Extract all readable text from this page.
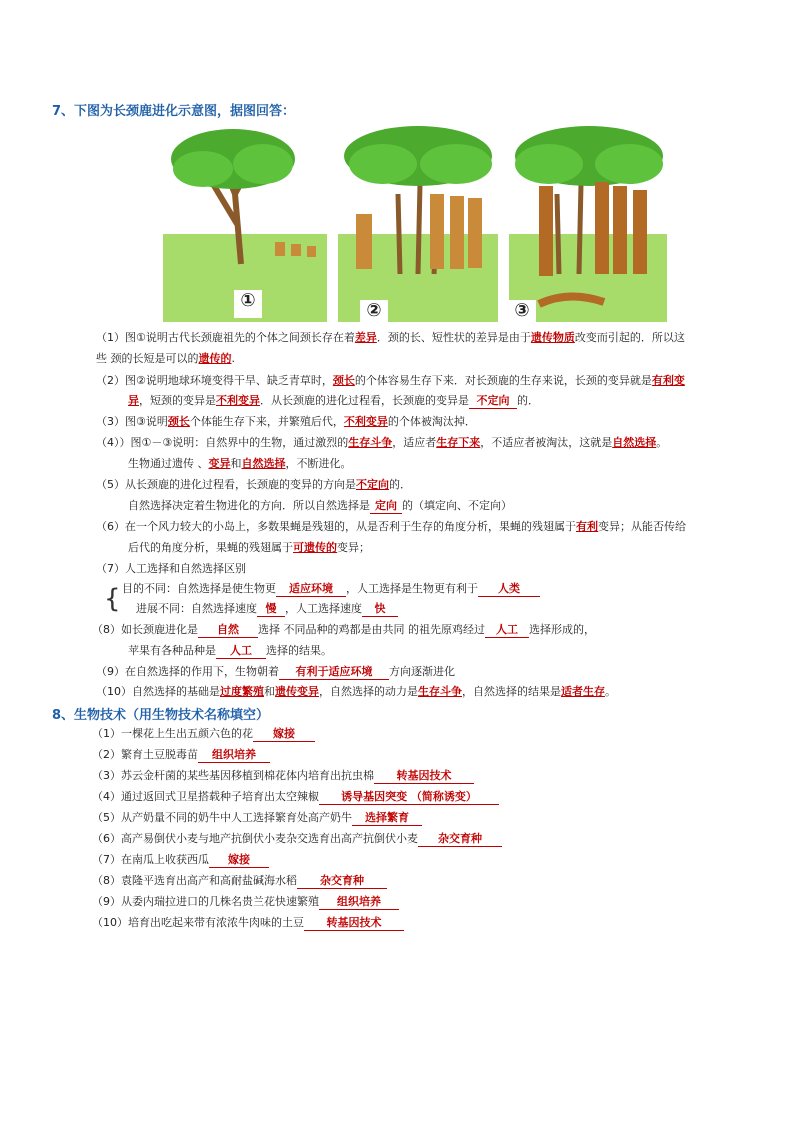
7、下图为长颈鹿进化示意图，据图回答：
①	②	③
（1）图①说明古代长颈鹿祖先的个体之间颈长存在着差异．颈的长、短性状的差异是由于遗传物质改变而引起的．所以这
些 颈的长短是可以的遗传的.
（2）图②说明地球环境变得干旱、缺乏青草时，颈长的个体容易生存下来．对长颈鹿的生存来说，长颈的变异就是有利变
异，短颈的变异是不利变异．从长颈鹿的进化过程看，长颈鹿的变异是 不定向 的．
（3）图③说明颈长个体能生存下来，并繁殖后代，不利变异的个体被淘汰掉．
（4））图①－③说明：自然界中的生物，通过激烈的生存斗争，适应者生存下来，不适应者被淘汰，这就是自然选择。
生物通过遗传 、变异和自然选择，不断进化。
（5）从长颈鹿的进化过程看，长颈鹿的变异的方向是不定向的．
自然选择决定着生物进化的方向．所以自然选择是 定向 的（填定向、不定向）
（6）在一个风力较大的小岛上，多数果蝇是残翅的，从是否利于生存的角度分析，果蝇的残翅属于有利变异；从能否传给
后代的角度分析，果蝇的残翅属于可遗传的变异；
（7）人工选择和自然选择区别
{ 目的不同：自然选择是使生物更 适应环境 ，人工选择是生物更有利于 人类
进展不同：自然选择速度 慢 ，人工选择速度 快
（8）如长颈鹿进化是 自然 选择 不同品种的鸡都是由共同 的祖先原鸡经过 人工 选择形成的，
苹果有各种品种是 人工 选择的结果。
（9）在自然选择的作用下，生物朝着 有利于适应环境 方向逐渐进化
（10）自然选择的基础是过度繁殖和遗传变异，自然选择的动力是生存斗争，自然选择的结果是适者生存。
8、生物技术（用生物技术名称填空）
（1）一棵花上生出五颜六色的花 嫁接
（2）繁育土豆脱毒苗 组织培养
（3）苏云金杆菌的某些基因移植到棉花体内培育出抗虫棉 转基因技术
（4）通过返回式卫星搭载种子培育出太空辣椒 诱导基因突变 （简称诱变）
（5）从产奶量不同的奶牛中人工选择繁育处高产奶牛 选择繁育
（6）高产易倒伏小麦与地产抗倒伏小麦杂交选育出高产抗倒伏小麦 杂交育种
（7）在南瓜上收获西瓜 嫁接
（8）袁隆平选育出高产和高耐盐碱海水稻 杂交育种
（9）从委内瑞拉进口的几株名贵兰花快速繁殖 组织培养
（10）培育出吃起来带有浓浓牛肉味的土豆 转基因技术
